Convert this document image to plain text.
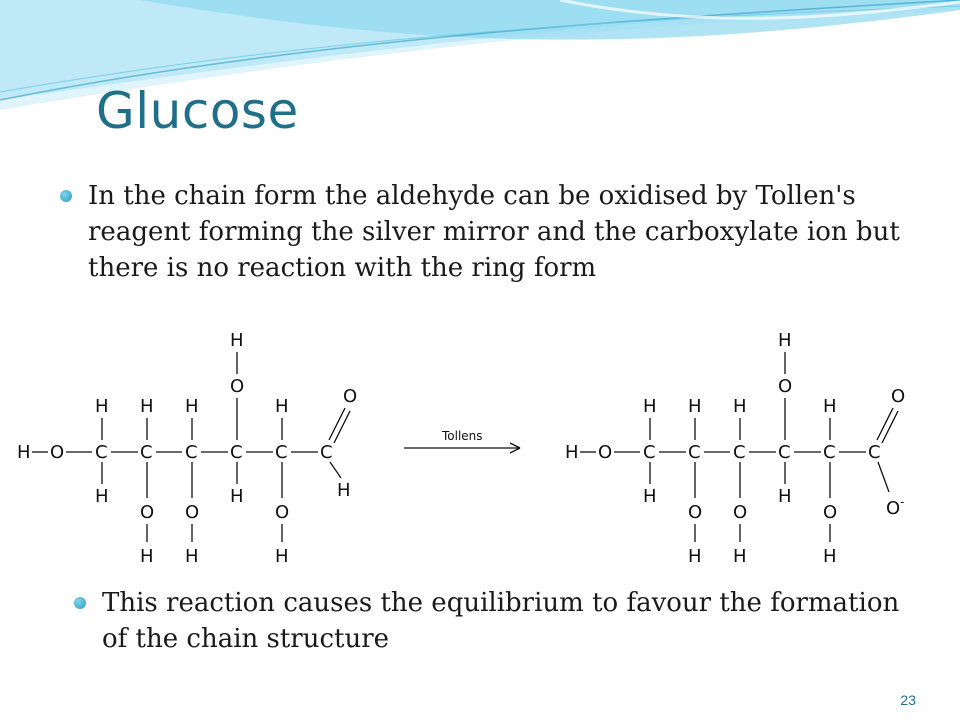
Glucose
In the chain form the aldehyde can be oxidised by Tollen's reagent forming the silver mirror and the carboxylate ion but there is no reaction with the ring form
H O C
H
H
C
H
O
H
C
H
O
H
C
O
H
H
C
H
O
H
C
O
H
Tollens
H O C
H
H
C
H
O
H
C
H
O
H
C
O
H
H
C
H
O
H
C
O
O -
This reaction causes the equilibrium to favour the formation of the chain structure
23
